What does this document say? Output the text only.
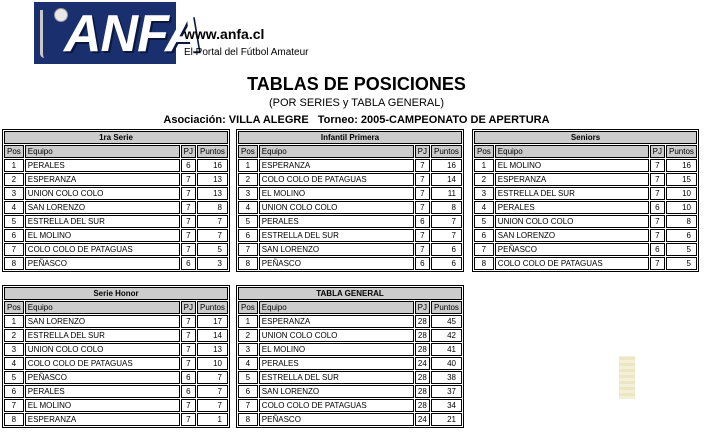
ANFA
www.anfa.cl
El Portal del Fútbol Amateur
TABLAS DE POSICIONES
(POR SERIES y TABLA GENERAL)
Asociación: VILLA ALEGRE Torneo: 2005-CAMPEONATO DE APERTURA
1ra Serie			
Pos	Equipo	PJ	Puntos
1	PERALES	6	16
2	ESPERANZA	7	13
3	UNION COLO COLO	7	13
4	SAN LORENZO	7	8
5	ESTRELLA DEL SUR	7	7
6	EL MOLINO	7	7
7	COLO COLO DE PATAGUAS	7	5
8	PEÑASCO	6	3
Infantil Primera			
Pos	Equipo	PJ	Puntos
1	ESPERANZA	7	16
2	COLO COLO DE PATAGUAS	7	14
3	EL MOLINO	7	11
4	UNION COLO COLO	7	8
5	PERALES	6	7
6	ESTRELLA DEL SUR	7	7
7	SAN LORENZO	7	6
8	PEÑASCO	6	6
Seniors			
Pos	Equipo	PJ	Puntos
1	EL MOLINO	7	16
2	ESPERANZA	7	15
3	ESTRELLA DEL SUR	7	10
4	PERALES	6	10
5	UNION COLO COLO	7	8
6	SAN LORENZO	7	6
7	PEÑASCO	6	5
8	COLO COLO DE PATAGUAS	7	5
Serie Honor			
Pos	Equipo	PJ	Puntos
1	SAN LORENZO	7	17
2	ESTRELLA DEL SUR	7	14
3	UNION COLO COLO	7	13
4	COLO COLO DE PATAGUAS	7	10
5	PEÑASCO	6	7
6	PERALES	6	7
7	EL MOLINO	7	7
8	ESPERANZA	7	1
TABLA GENERAL			
Pos	Equipo	PJ	Puntos
1	ESPERANZA	28	45
2	UNION COLO COLO	28	42
3	EL MOLINO	28	41
4	PERALES	24	40
5	ESTRELLA DEL SUR	28	38
6	SAN LORENZO	28	37
7	COLO COLO DE PATAGUAS	28	34
8	PEÑASCO	24	21
